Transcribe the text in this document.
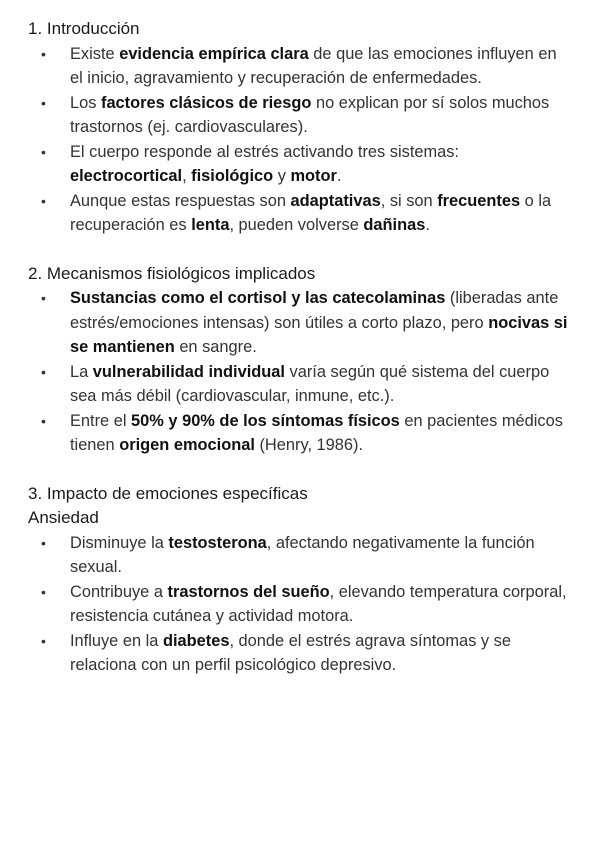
1. Introducción
• Existe evidencia empírica clara de que las emociones influyen en el inicio, agravamiento y recuperación de enfermedades.
• Los factores clásicos de riesgo no explican por sí solos muchos trastornos (ej. cardiovasculares).
• El cuerpo responde al estrés activando tres sistemas: electrocortical, fisiológico y motor.
• Aunque estas respuestas son adaptativas, si son frecuentes o la recuperación es lenta, pueden volverse dañinas.
2. Mecanismos fisiológicos implicados
• Sustancias como el cortisol y las catecolaminas (liberadas ante estrés/emociones intensas) son útiles a corto plazo, pero nocivas si se mantienen en sangre.
• La vulnerabilidad individual varía según qué sistema del cuerpo sea más débil (cardiovascular, inmune, etc.).
• Entre el 50% y 90% de los síntomas físicos en pacientes médicos tienen origen emocional (Henry, 1986).
3. Impacto de emociones específicas
Ansiedad
• Disminuye la testosterona, afectando negativamente la función sexual.
• Contribuye a trastornos del sueño, elevando temperatura corporal, resistencia cutánea y actividad motora.
• Influye en la diabetes, donde el estrés agrava síntomas y se relaciona con un perfil psicológico depresivo.
